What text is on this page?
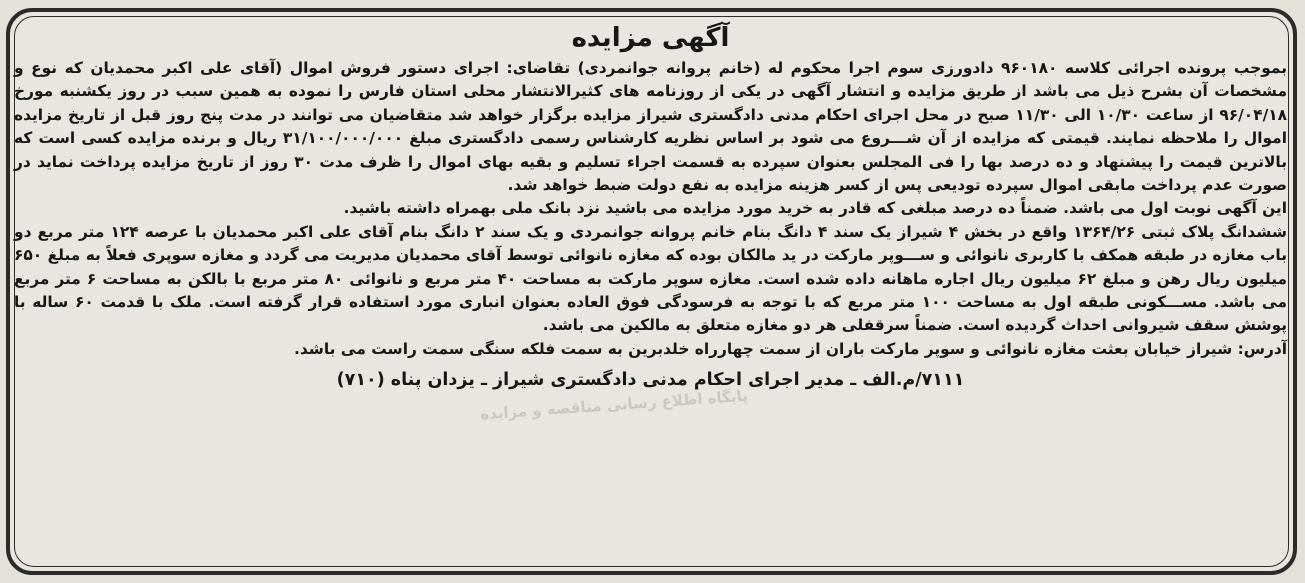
آگهی مزایده

بموجب پرونده اجرائی کلاسه ۹۶۰۱۸۰ دادورزی سوم اجرا محکوم له (خانم پروانه جوانمردی) تقاضای: اجرای دستور فروش اموال (آقای علی اکبر محمدیان که نوع و مشخصات آن بشرح ذیل می باشد از طریق مزایده و انتشار آگهی در یکی از روزنامه های کثیرالانتشار محلی استان فارس را نموده به همین سبب در روز یکشنبه مورخ ۹۶/۰۴/۱۸ از ساعت ۱۰/۳۰ الی ۱۱/۳۰ صبح در محل اجرای احکام مدنی دادگستری شیراز مزایده برگزار خواهد شد متقاضیان می توانند در مدت پنج روز قبل از تاریخ مزایده اموال را ملاحظه نمایند. قیمتی که مزایده از آن شـــروع می شود بر اساس نظریه کارشناس رسمی دادگستری مبلغ ۳۱/۱۰۰/۰۰۰/۰۰۰ ریال و برنده مزایده کسی است که بالاترین قیمت را پیشنهاد و ده درصد بها را فی المجلس بعنوان سپرده به قسمت اجراء تسلیم و بقیه بهای اموال را ظرف مدت ۳۰ روز از تاریخ مزایده پرداخت نماید در صورت عدم پرداخت مابقی اموال سپرده تودیعی پس از کسر هزینه مزایده به نفع دولت ضبط خواهد شد.

این آگهی نوبت اول می باشد. ضمناً ده درصد مبلغی که قادر به خرید مورد مزایده می باشید نزد بانک ملی بهمراه داشته باشید.

ششدانگ پلاک ثبتی ۱۳۶۴/۲۶ واقع در بخش ۴ شیراز یک سند ۴ دانگ بنام خانم پروانه جوانمردی و یک سند ۲ دانگ بنام آقای علی اکبر محمدیان با عرصه ۱۲۴ متر مربع دو باب مغازه در طبقه همکف با کاربری نانوائی و ســـوپر مارکت در ید مالکان بوده که مغازه نانوائی توسط آقای محمدیان مدیریت می گردد و مغازه سوپری فعلاً به مبلغ ۶۵۰ میلیون ریال رهن و مبلغ ۶۲ میلیون ریال اجاره ماهانه داده شده است. مغازه سوپر مارکت به مساحت ۴۰ متر مربع و نانوائی ۸۰ متر مربع با بالکن به مساحت ۶ متر مربع می باشد. مســـکونی طبقه اول به مساحت ۱۰۰ متر مربع که با توجه به فرسودگی فوق العاده بعنوان انباری مورد استفاده قرار گرفته است. ملک با قدمت ۶۰ ساله با پوشش سقف شیروانی احداث گردیده است. ضمناً سرقفلی هر دو مغازه متعلق به مالکین می باشد.

آدرس: شیراز خیابان بعثت مغازه نانوائی و سوپر مارکت باران از سمت چهارراه خلدبرین به سمت فلکه سنگی سمت راست می باشد.

۷۱۱۱/م.الف ـ مدیر اجرای احکام مدنی دادگستری شیراز ـ یزدان پناه (۷۱۰)
پایگاه اطلاع رسانی مناقصه و مزایده
